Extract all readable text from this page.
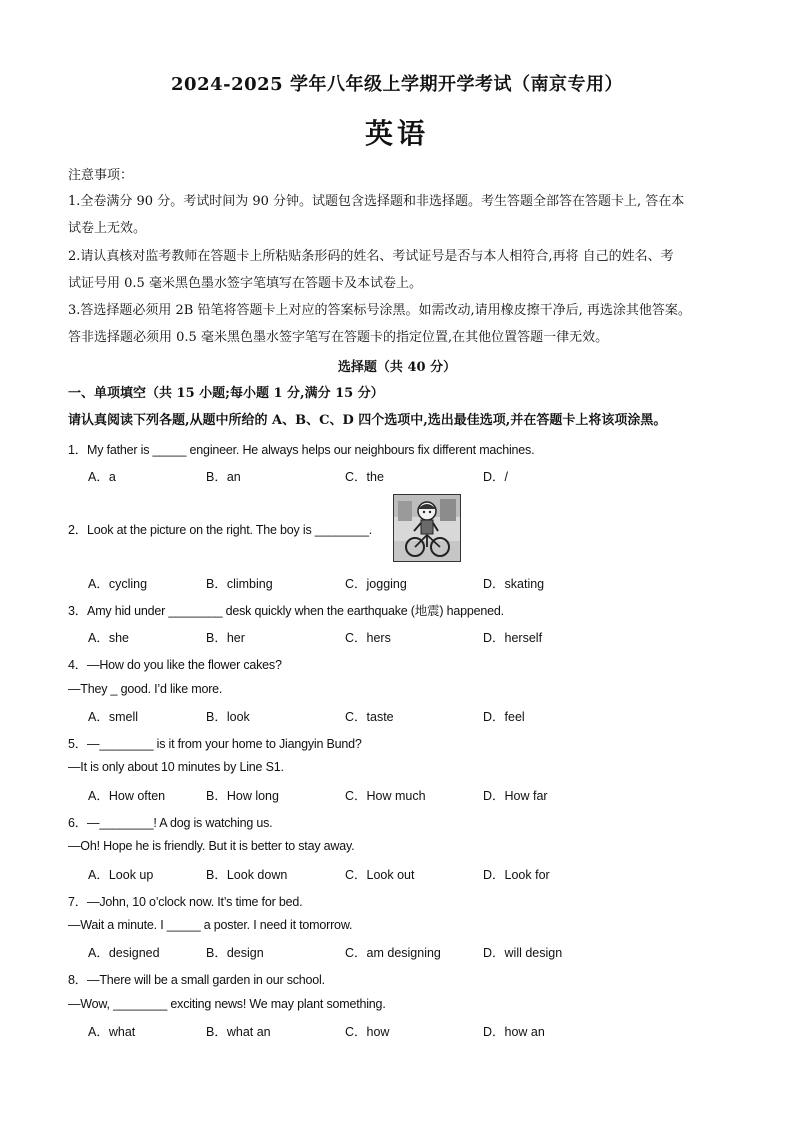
2024-2025 学年八年级上学期开学考试（南京专用）
英语
注意事项：
1.全卷满分 90 分。考试时间为 90 分钟。试题包含选择题和非选择题。考生答题全部答在答题卡上, 答在本
试卷上无效。
2.请认真核对监考教师在答题卡上所粘贴条形码的姓名、考试证号是否与本人相符合,再将 自己的姓名、考
试证号用 0.5 毫米黑色墨水签字笔填写在答题卡及本试卷上。
3.答选择题必须用 2B 铅笔将答题卡上对应的答案标号涂黑。如需改动,请用橡皮擦干净后, 再选涂其他答案。
答非选择题必须用 0.5 毫米黑色墨水签字笔写在答题卡的指定位置,在其他位置答题一律无效。
选择题（共 40 分）
一、单项填空（共 15 小题;每小题 1 分,满分 15 分）
请认真阅读下列各题,从题中所给的 A、B、C、D 四个选项中,选出最佳选项,并在答题卡上将该项涂黑。
1．My father is _____ engineer. He always helps our neighbours fix different machines.
A．a	B．an	C．the	D．/
2．Look at the picture on the right. The boy is ________.
A．cycling	B．climbing	C．jogging	D．skating
3．Amy hid under ________ desk quickly when the earthquake (地震) happened.
A．she	B．her	C．hers	D．herself
4．—How do you like the flower cakes?
—They _ good. I’d like more.
A．smell	B．look	C．taste	D．feel
5．—________ is it from your home to Jiangyin Bund?
—It is only about 10 minutes by Line S1.
A．How often	B．How long	C．How much	D．How far
6．—________! A dog is watching us.
—Oh! Hope he is friendly. But it is better to stay away.
A．Look up	B．Look down	C．Look out	D．Look for
7．—John, 10 o’clock now. It’s time for bed.
—Wait a minute. I _____ a poster. I need it tomorrow.
A．designed	B．design	C．am designing	D．will design
8．—There will be a small garden in our school.
—Wow, ________ exciting news! We may plant something.
A．what	B．what an	C．how	D．how an
